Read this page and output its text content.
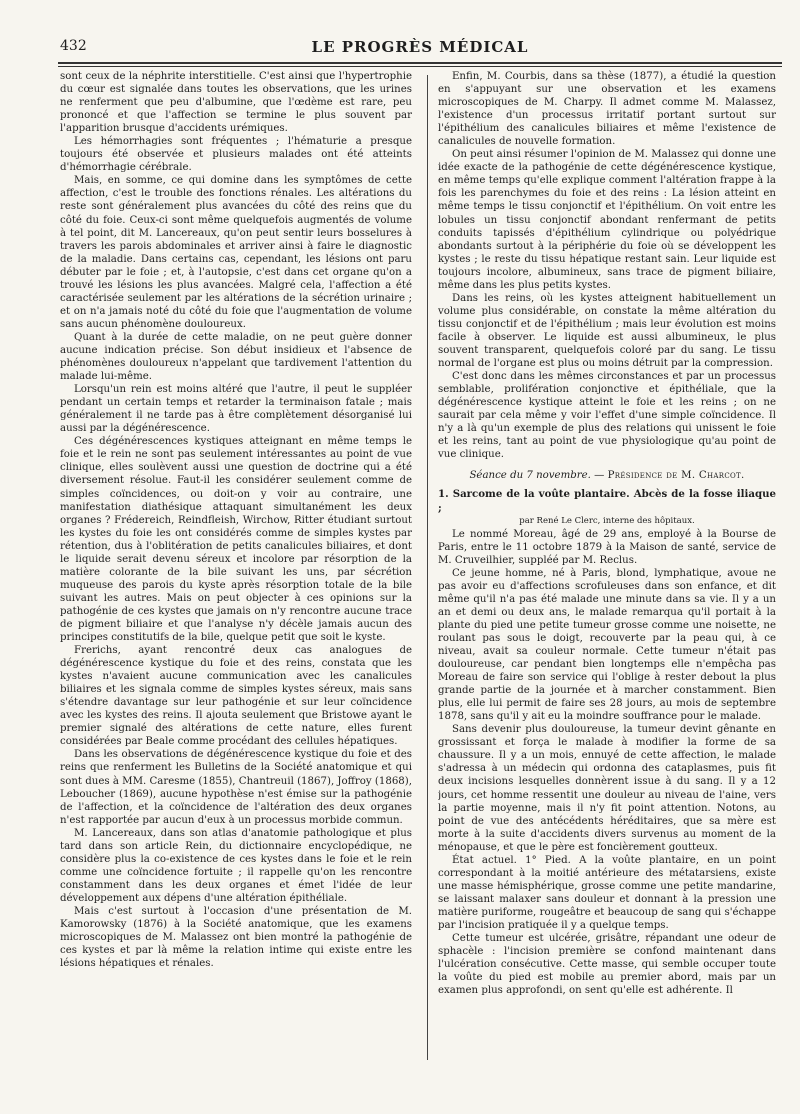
432	LE PROGRÈS MÉDICAL

sont ceux de la néphrite interstitielle. C'est ainsi que l'hypertrophie du cœur est signalée dans toutes les observations, que les urines ne renferment que peu d'albumine, que l'œdème est rare, peu prononcé et que l'affection se termine le plus souvent par l'apparition brusque d'accidents urémiques.

Les hémorrhagies sont fréquentes ; l'hématurie a presque toujours été observée et plusieurs malades ont été atteints d'hémorrhagie cérébrale.

Mais, en somme, ce qui domine dans les symptômes de cette affection, c'est le trouble des fonctions rénales. Les altérations du reste sont généralement plus avancées du côté des reins que du côté du foie. Ceux-ci sont même quelquefois augmentés de volume à tel point, dit M. Lancereaux, qu'on peut sentir leurs bosselures à travers les parois abdominales et arriver ainsi à faire le diagnostic de la maladie. Dans certains cas, cependant, les lésions ont paru débuter par le foie ; et, à l'autopsie, c'est dans cet organe qu'on a trouvé les lésions les plus avancées. Malgré cela, l'affection a été caractérisée seulement par les altérations de la sécrétion urinaire ; et on n'a jamais noté du côté du foie que l'augmentation de volume sans aucun phénomène douloureux.

Quant à la durée de cette maladie, on ne peut guère donner aucune indication précise. Son début insidieux et l'absence de phénomènes douloureux n'appelant que tardivement l'attention du malade lui-même.

Lorsqu'un rein est moins altéré que l'autre, il peut le suppléer pendant un certain temps et retarder la terminaison fatale ; mais généralement il ne tarde pas à être complètement désorganisé lui aussi par la dégénérescence.

Ces dégénérescences kystiques atteignant en même temps le foie et le rein ne sont pas seulement intéressantes au point de vue clinique, elles soulèvent aussi une question de doctrine qui a été diversement résolue. Faut-il les considérer seulement comme de simples coïncidences, ou doit-on y voir au contraire, une manifestation diathésique attaquant simultanément les deux organes ? Frédereich, Reindfleish, Wirchow, Ritter étudiant surtout les kystes du foie les ont considérés comme de simples kystes par rétention, dus à l'oblitération de petits canalicules biliaires, et dont le liquide serait devenu séreux et incolore par résorption de la matière colorante de la bile suivant les uns, par sécrétion muqueuse des parois du kyste après résorption totale de la bile suivant les autres. Mais on peut objecter à ces opinions sur la pathogénie de ces kystes que jamais on n'y rencontre aucune trace de pigment biliaire et que l'analyse n'y décèle jamais aucun des principes constitutifs de la bile, quelque petit que soit le kyste.

Frerichs, ayant rencontré deux cas analogues de dégénérescence kystique du foie et des reins, constata que les kystes n'avaient aucune communication avec les canalicules biliaires et les signala comme de simples kystes séreux, mais sans s'étendre davantage sur leur pathogénie et sur leur coïncidence avec les kystes des reins. Il ajouta seulement que Bristowe ayant le premier signalé des altérations de cette nature, elles furent considérées par Beale comme procédant des cellules hépatiques.

Dans les observations de dégénérescence kystique du foie et des reins que renferment les Bulletins de la Société anatomique et qui sont dues à MM. Caresme (1855), Chantreuil (1867), Joffroy (1868), Leboucher (1869), aucune hypothèse n'est émise sur la pathogénie de l'affection, et la coïncidence de l'altération des deux organes n'est rapportée par aucun d'eux à un processus morbide commun.

M. Lancereaux, dans son atlas d'anatomie pathologique et plus tard dans son article Rein, du dictionnaire encyclopédique, ne considère plus la co-existence de ces kystes dans le foie et le rein comme une coïncidence fortuite ; il rappelle qu'on les rencontre constamment dans les deux organes et émet l'idée de leur développement aux dépens d'une altération épithéliale.

Mais c'est surtout à l'occasion d'une présentation de M. Kamorowsky (1876) à la Société anatomique, que les examens microscopiques de M. Malassez ont bien montré la pathogénie de ces kystes et par là même la relation intime qui existe entre les lésions hépatiques et rénales.

Enfin, M. Courbis, dans sa thèse (1877), a étudié la question en s'appuyant sur une observation et les examens microscopiques de M. Charpy. Il admet comme M. Malassez, l'existence d'un processus irritatif portant surtout sur l'épithélium des canalicules biliaires et même l'existence de canalicules de nouvelle formation.

On peut ainsi résumer l'opinion de M. Malassez qui donne une idée exacte de la pathogénie de cette dégénérescence kystique, en même temps qu'elle explique comment l'altération frappe à la fois les parenchymes du foie et des reins : La lésion atteint en même temps le tissu conjonctif et l'épithélium. On voit entre les lobules un tissu conjonctif abondant renfermant de petits conduits tapissés d'épithélium cylindrique ou polyédrique abondants surtout à la périphérie du foie où se développent les kystes ; le reste du tissu hépatique restant sain. Leur liquide est toujours incolore, albumineux, sans trace de pigment biliaire, même dans les plus petits kystes.

Dans les reins, où les kystes atteignent habituellement un volume plus considérable, on constate la même altération du tissu conjonctif et de l'épithélium ; mais leur évolution est moins facile à observer. Le liquide est aussi albumineux, le plus souvent transparent, quelquefois coloré par du sang. Le tissu normal de l'organe est plus ou moins détruit par la compression.

C'est donc dans les mêmes circonstances et par un processus semblable, prolifération conjonctive et épithéliale, que la dégénérescence kystique atteint le foie et les reins ; on ne saurait par cela même y voir l'effet d'une simple coïncidence. Il n'y a là qu'un exemple de plus des relations qui unissent le foie et les reins, tant au point de vue physiologique qu'au point de vue clinique.

Séance du 7 novembre. — Présidence de M. Charcot.

1. Sarcome de la voûte plantaire. Abcès de la fosse iliaque ;

par René Le Clerc, interne des hôpitaux.

Le nommé Moreau, âgé de 29 ans, employé à la Bourse de Paris, entre le 11 octobre 1879 à la Maison de santé, service de M. Cruveilhier, suppléé par M. Reclus.

Ce jeune homme, né à Paris, blond, lymphatique, avoue ne pas avoir eu d'affections scrofuleuses dans son enfance, et dit même qu'il n'a pas été malade une minute dans sa vie. Il y a un an et demi ou deux ans, le malade remarqua qu'il portait à la plante du pied une petite tumeur grosse comme une noisette, ne roulant pas sous le doigt, recouverte par la peau qui, à ce niveau, avait sa couleur normale. Cette tumeur n'était pas douloureuse, car pendant bien longtemps elle n'empêcha pas Moreau de faire son service qui l'oblige à rester debout la plus grande partie de la journée et à marcher constamment. Bien plus, elle lui permit de faire ses 28 jours, au mois de septembre 1878, sans qu'il y ait eu la moindre souffrance pour le malade.

Sans devenir plus douloureuse, la tumeur devint gênante en grossissant et força le malade à modifier la forme de sa chaussure. Il y a un mois, ennuyé de cette affection, le malade s'adressa à un médecin qui ordonna des cataplasmes, puis fit deux incisions lesquelles donnèrent issue à du sang. Il y a 12 jours, cet homme ressentit une douleur au niveau de l'aine, vers la partie moyenne, mais il n'y fit point attention. Notons, au point de vue des antécédents héréditaires, que sa mère est morte à la suite d'accidents divers survenus au moment de la ménopause, et que le père est foncièrement goutteux.

État actuel. 1° Pied. A la voûte plantaire, en un point correspondant à la moitié antérieure des métatarsiens, existe une masse hémisphérique, grosse comme une petite mandarine, se laissant malaxer sans douleur et donnant à la pression une matière puriforme, rougeâtre et beaucoup de sang qui s'échappe par l'incision pratiquée il y a quelque temps.

Cette tumeur est ulcérée, grisâtre, répandant une odeur de sphacèle : l'incision première se confond maintenant dans l'ulcération consécutive. Cette masse, qui semble occuper toute la voûte du pied est mobile au premier abord, mais par un examen plus approfondi, on sent qu'elle est adhérente. Il
